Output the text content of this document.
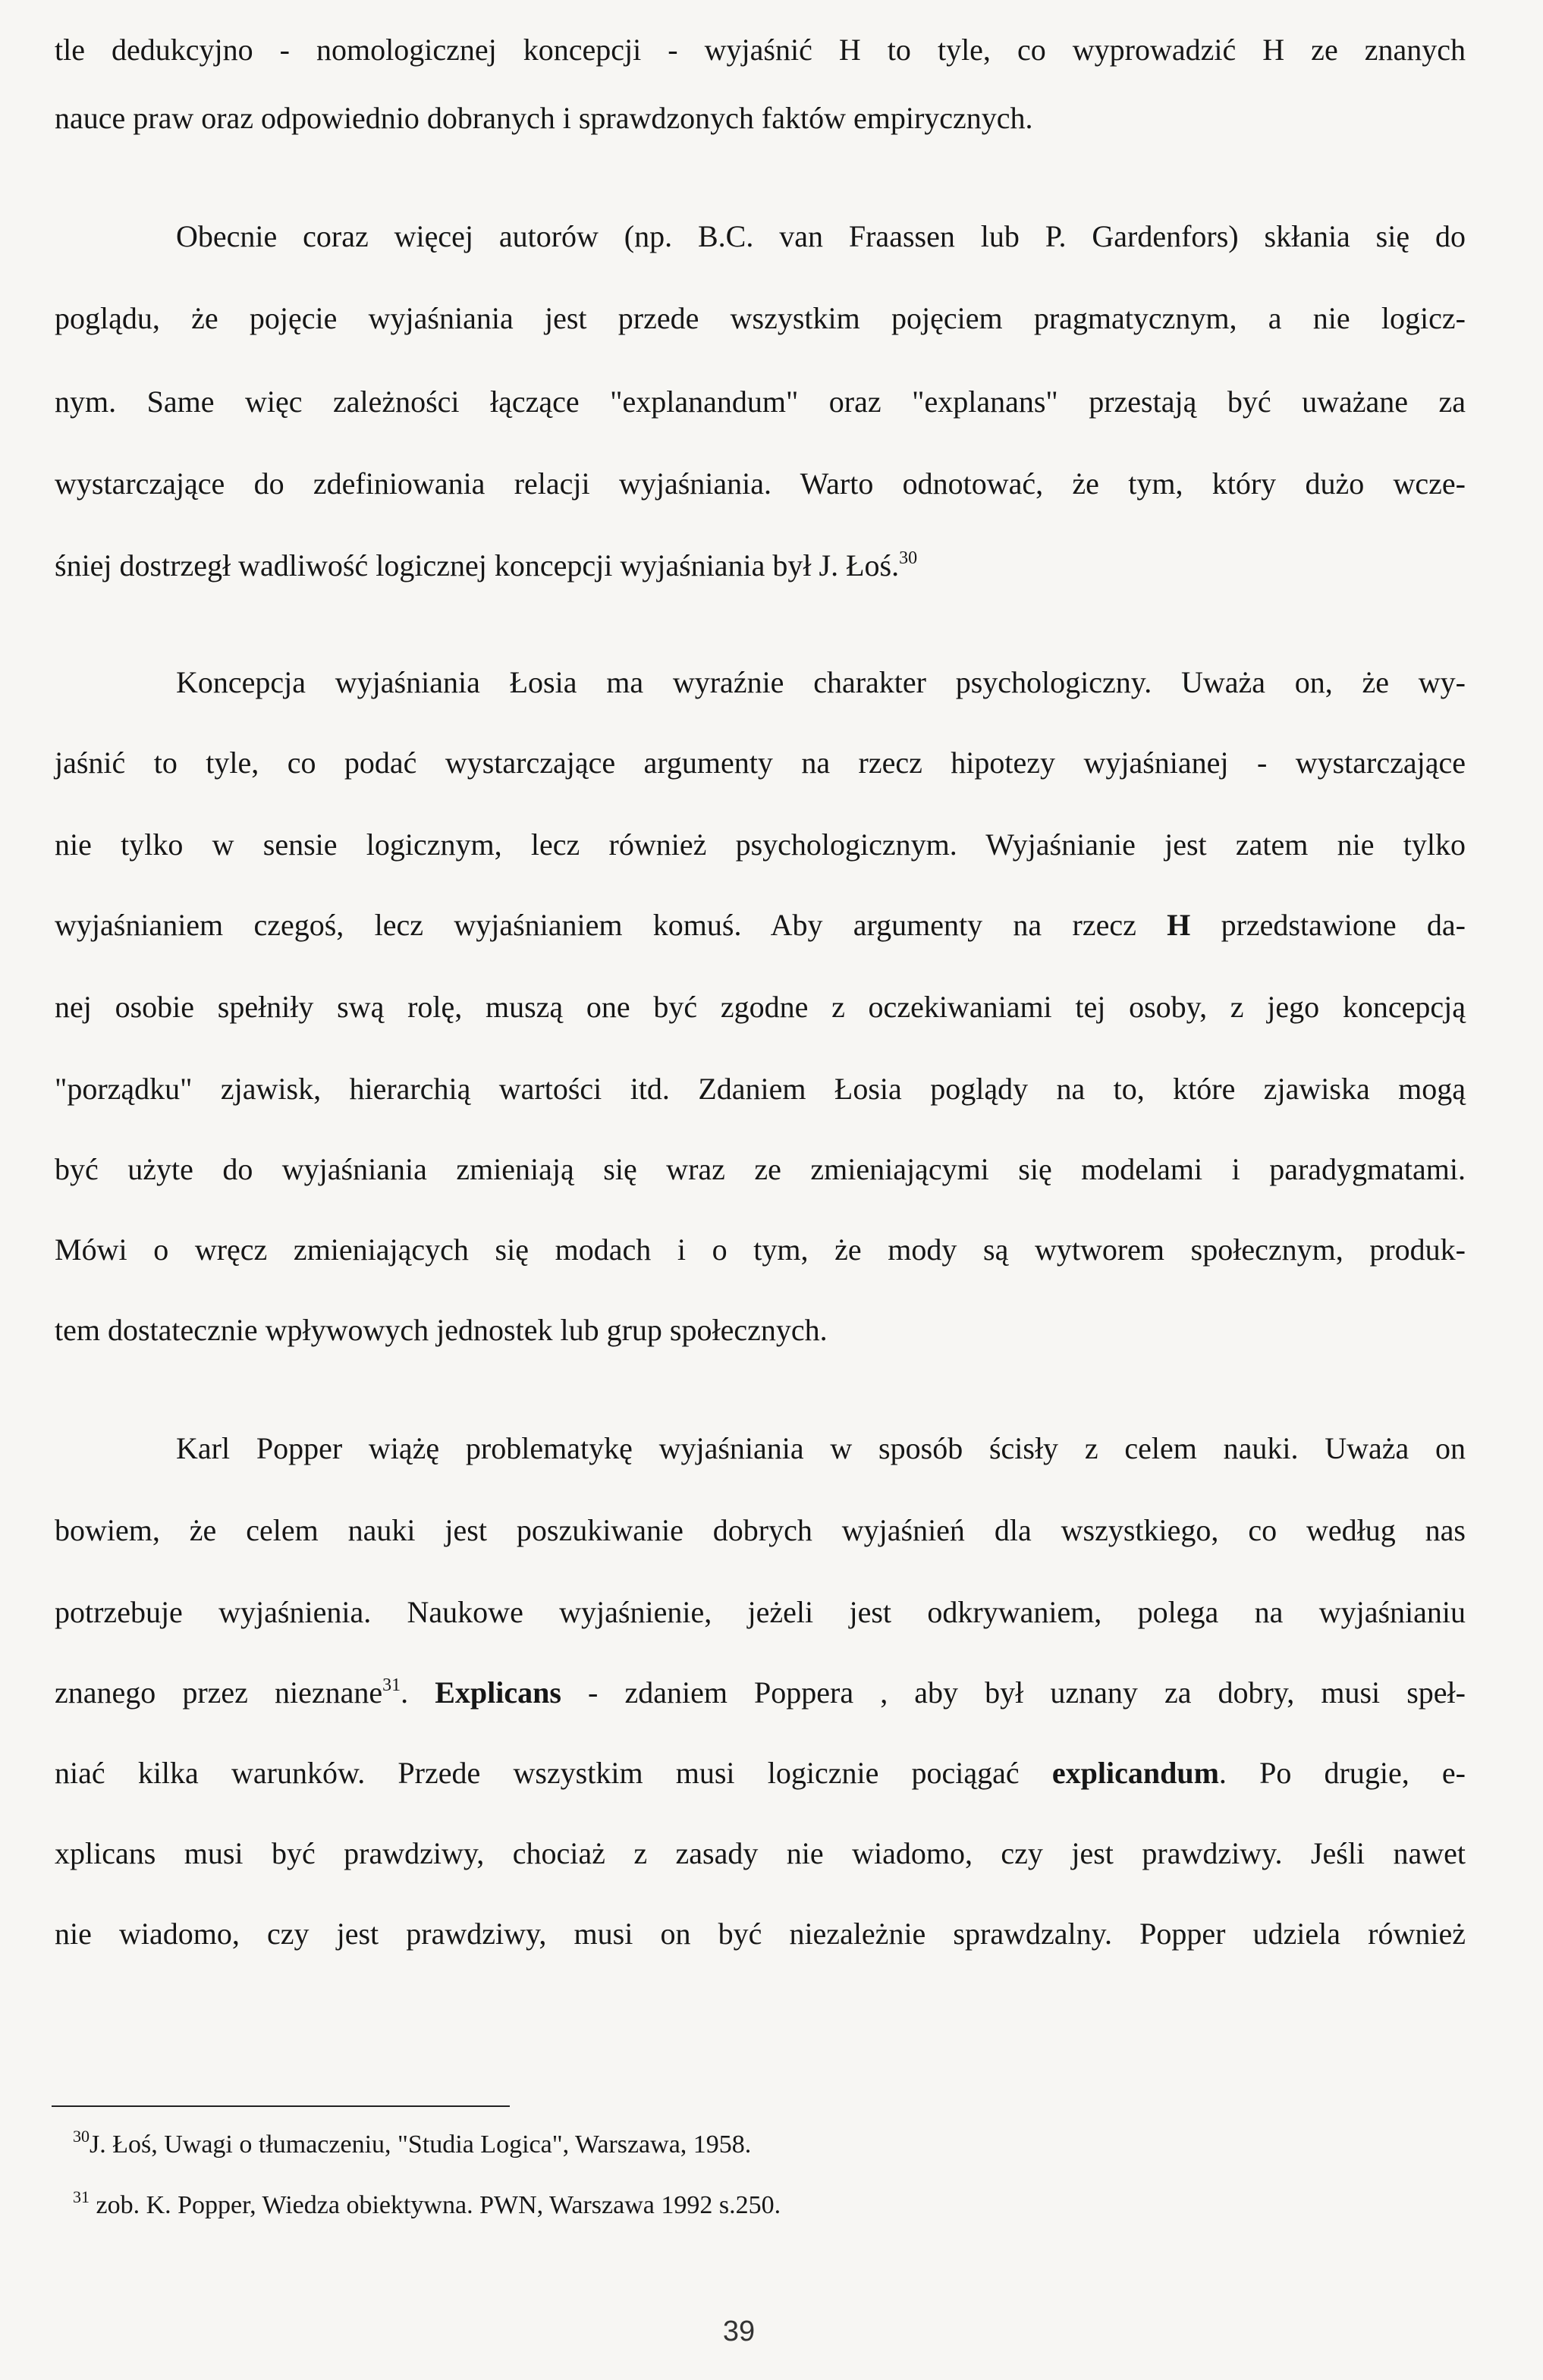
tle dedukcyjno - nomologicznej koncepcji - wyjaśnić H to tyle, co wyprowadzić H ze znanych
nauce praw oraz odpowiednio dobranych i sprawdzonych faktów empirycznych.
Obecnie coraz więcej autorów (np. B.C. van Fraassen lub P. Gardenfors) skłania się do
poglądu, że pojęcie wyjaśniania jest przede wszystkim pojęciem pragmatycznym, a nie logicz-
nym. Same więc zależności łączące "explanandum" oraz "explanans" przestają być uważane za
wystarczające do zdefiniowania relacji wyjaśniania. Warto odnotować, że tym, który dużo wcze-
śniej dostrzegł wadliwość logicznej koncepcji wyjaśniania był J. Łoś.$^{30}$
Koncepcja wyjaśniania Łosia ma wyraźnie charakter psychologiczny. Uważa on, że wy-
jaśnić to tyle, co podać wystarczające argumenty na rzecz hipotezy wyjaśnianej - wystarczające
nie tylko w sensie logicznym, lecz również psychologicznym. Wyjaśnianie jest zatem nie tylko
wyjaśnianiem czegoś, lecz wyjaśnianiem komuś. Aby argumenty na rzecz H przedstawione da-
nej osobie spełniły swą rolę, muszą one być zgodne z oczekiwaniami tej osoby, z jego koncepcją
"porządku" zjawisk, hierarchią wartości itd. Zdaniem Łosia poglądy na to, które zjawiska mogą
być użyte do wyjaśniania zmieniają się wraz ze zmieniającymi się modelami i paradygmatami.
Mówi o wręcz zmieniających się modach i o tym, że mody są wytworem społecznym, produk-
tem dostatecznie wpływowych jednostek lub grup społecznych.
Karl Popper wiążę problematykę wyjaśniania w sposób ścisły z celem nauki. Uważa on
bowiem, że celem nauki jest poszukiwanie dobrych wyjaśnień dla wszystkiego, co według nas
potrzebuje wyjaśnienia. Naukowe wyjaśnienie, jeżeli jest odkrywaniem, polega na wyjaśnianiu
znanego przez nieznane$^{31}$. Explicans - zdaniem Poppera , aby był uznany za dobry, musi speł-
niać kilka warunków. Przede wszystkim musi logicznie pociągać explicandum. Po drugie, e-
xplicans musi być prawdziwy, chociaż z zasady nie wiadomo, czy jest prawdziwy. Jeśli nawet
nie wiadomo, czy jest prawdziwy, musi on być niezależnie sprawdzalny. Popper udziela również
$^{30}$J. Łoś, Uwagi o tłumaczeniu, "Studia Logica", Warszawa, 1958.
$^{31}$ zob. K. Popper, Wiedza obiektywna. PWN, Warszawa 1992 s.250.
39
